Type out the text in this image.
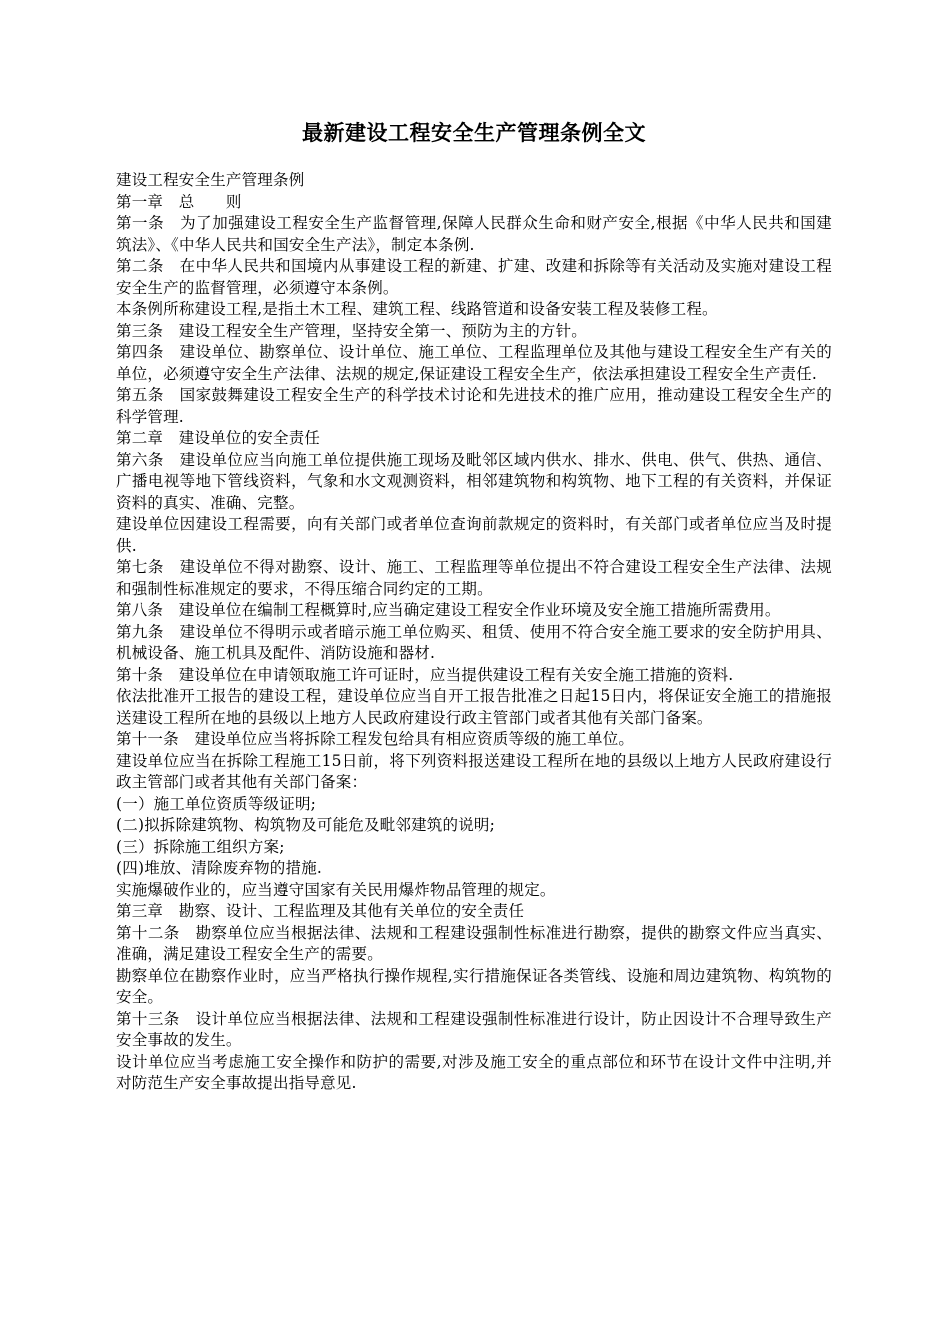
最新建设工程安全生产管理条例全文

建设工程安全生产管理条例

第一章　总　　则

第一条　为了加强建设工程安全生产监督管理,保障人民群众生命和财产安全,根据《中华人民共和国建筑法》、《中华人民共和国安全生产法》，制定本条例.

第二条　在中华人民共和国境内从事建设工程的新建、扩建、改建和拆除等有关活动及实施对建设工程安全生产的监督管理，必须遵守本条例。

本条例所称建设工程,是指土木工程、建筑工程、线路管道和设备安装工程及装修工程。

第三条　建设工程安全生产管理，坚持安全第一、预防为主的方针。

第四条　建设单位、勘察单位、设计单位、施工单位、工程监理单位及其他与建设工程安全生产有关的单位，必须遵守安全生产法律、法规的规定,保证建设工程安全生产，依法承担建设工程安全生产责任.

第五条　国家鼓舞建设工程安全生产的科学技术讨论和先进技术的推广应用，推动建设工程安全生产的科学管理.

第二章　建设单位的安全责任

第六条　建设单位应当向施工单位提供施工现场及毗邻区域内供水、排水、供电、供气、供热、通信、广播电视等地下管线资料，气象和水文观测资料，相邻建筑物和构筑物、地下工程的有关资料，并保证资料的真实、准确、完整。

建设单位因建设工程需要，向有关部门或者单位查询前款规定的资料时，有关部门或者单位应当及时提供.

第七条　建设单位不得对勘察、设计、施工、工程监理等单位提出不符合建设工程安全生产法律、法规和强制性标准规定的要求，不得压缩合同约定的工期。

第八条　建设单位在编制工程概算时,应当确定建设工程安全作业环境及安全施工措施所需费用。

第九条　建设单位不得明示或者暗示施工单位购买、租赁、使用不符合安全施工要求的安全防护用具、机械设备、施工机具及配件、消防设施和器材.

第十条　建设单位在申请领取施工许可证时，应当提供建设工程有关安全施工措施的资料.

依法批准开工报告的建设工程，建设单位应当自开工报告批准之日起15日内，将保证安全施工的措施报送建设工程所在地的县级以上地方人民政府建设行政主管部门或者其他有关部门备案。

第十一条　建设单位应当将拆除工程发包给具有相应资质等级的施工单位。

建设单位应当在拆除工程施工15日前，将下列资料报送建设工程所在地的县级以上地方人民政府建设行政主管部门或者其他有关部门备案：

(一）施工单位资质等级证明;

(二)拟拆除建筑物、构筑物及可能危及毗邻建筑的说明;

(三）拆除施工组织方案;

(四)堆放、清除废弃物的措施.

实施爆破作业的，应当遵守国家有关民用爆炸物品管理的规定。

第三章　勘察、设计、工程监理及其他有关单位的安全责任

第十二条　勘察单位应当根据法律、法规和工程建设强制性标准进行勘察，提供的勘察文件应当真实、准确，满足建设工程安全生产的需要。

勘察单位在勘察作业时，应当严格执行操作规程,实行措施保证各类管线、设施和周边建筑物、构筑物的安全。

第十三条　设计单位应当根据法律、法规和工程建设强制性标准进行设计，防止因设计不合理导致生产安全事故的发生。

设计单位应当考虑施工安全操作和防护的需要,对涉及施工安全的重点部位和环节在设计文件中注明,并对防范生产安全事故提出指导意见.
